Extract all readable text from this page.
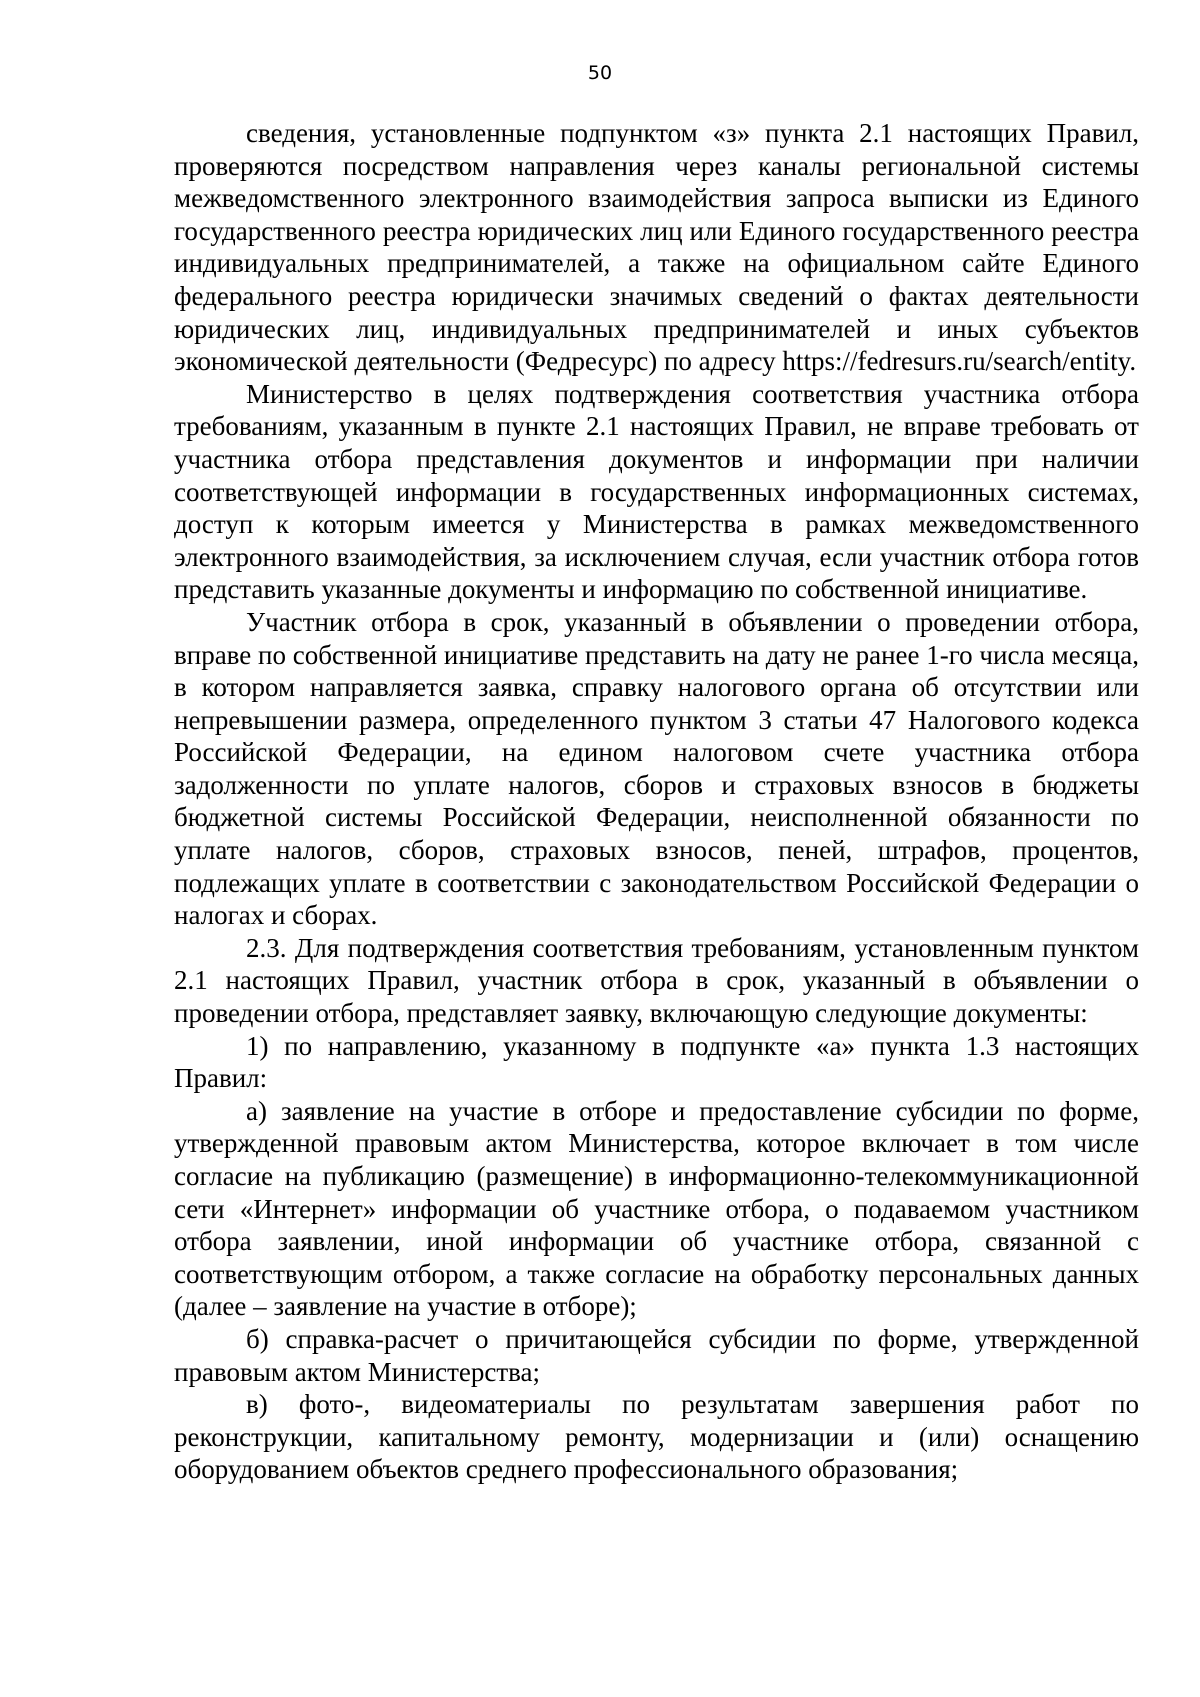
50

сведения, установленные подпунктом «з» пункта 2.1 настоящих Правил, проверяются посредством направления через каналы региональной системы межведомственного электронного взаимодействия запроса выписки из Единого государственного реестра юридических лиц или Единого государственного реестра индивидуальных предпринимателей, а также на официальном сайте Единого федерального реестра юридически значимых сведений о фактах деятельности юридических лиц, индивидуальных предпринимателей и иных субъектов экономической деятельности (Федресурс) по адресу https://fedresurs.ru/search/entity.

Министерство в целях подтверждения соответствия участника отбора требованиям, указанным в пункте 2.1 настоящих Правил, не вправе требовать от участника отбора представления документов и информации при наличии соответствующей информации в государственных информационных системах, доступ к которым имеется у Министерства в рамках межведомственного электронного взаимодействия, за исключением случая, если участник отбора готов представить указанные документы и информацию по собственной инициативе.

Участник отбора в срок, указанный в объявлении о проведении отбора, вправе по собственной инициативе представить на дату не ранее 1-го числа месяца, в котором направляется заявка, справку налогового органа об отсутствии или непревышении размера, определенного пунктом 3 статьи 47 Налогового кодекса Российской Федерации, на едином налоговом счете участника отбора задолженности по уплате налогов, сборов и страховых взносов в бюджеты бюджетной системы Российской Федерации, неисполненной обязанности по уплате налогов, сборов, страховых взносов, пеней, штрафов, процентов, подлежащих уплате в соответствии с законодательством Российской Федерации о налогах и сборах.

2.3. Для подтверждения соответствия требованиям, установленным пунктом 2.1 настоящих Правил, участник отбора в срок, указанный в объявлении о проведении отбора, представляет заявку, включающую следующие документы:

1) по направлению, указанному в подпункте «а» пункта 1.3 настоящих Правил:

а) заявление на участие в отборе и предоставление субсидии по форме, утвержденной правовым актом Министерства, которое включает в том числе согласие на публикацию (размещение) в информационно-телекоммуникационной сети «Интернет» информации об участнике отбора, о подаваемом участником отбора заявлении, иной информации об участнике отбора, связанной с соответствующим отбором, а также согласие на обработку персональных данных (далее – заявление на участие в отборе);

б) справка-расчет о причитающейся субсидии по форме, утвержденной правовым актом Министерства;

в) фото-, видеоматериалы по результатам завершения работ по реконструкции, капитальному ремонту, модернизации и (или) оснащению оборудованием объектов среднего профессионального образования;
